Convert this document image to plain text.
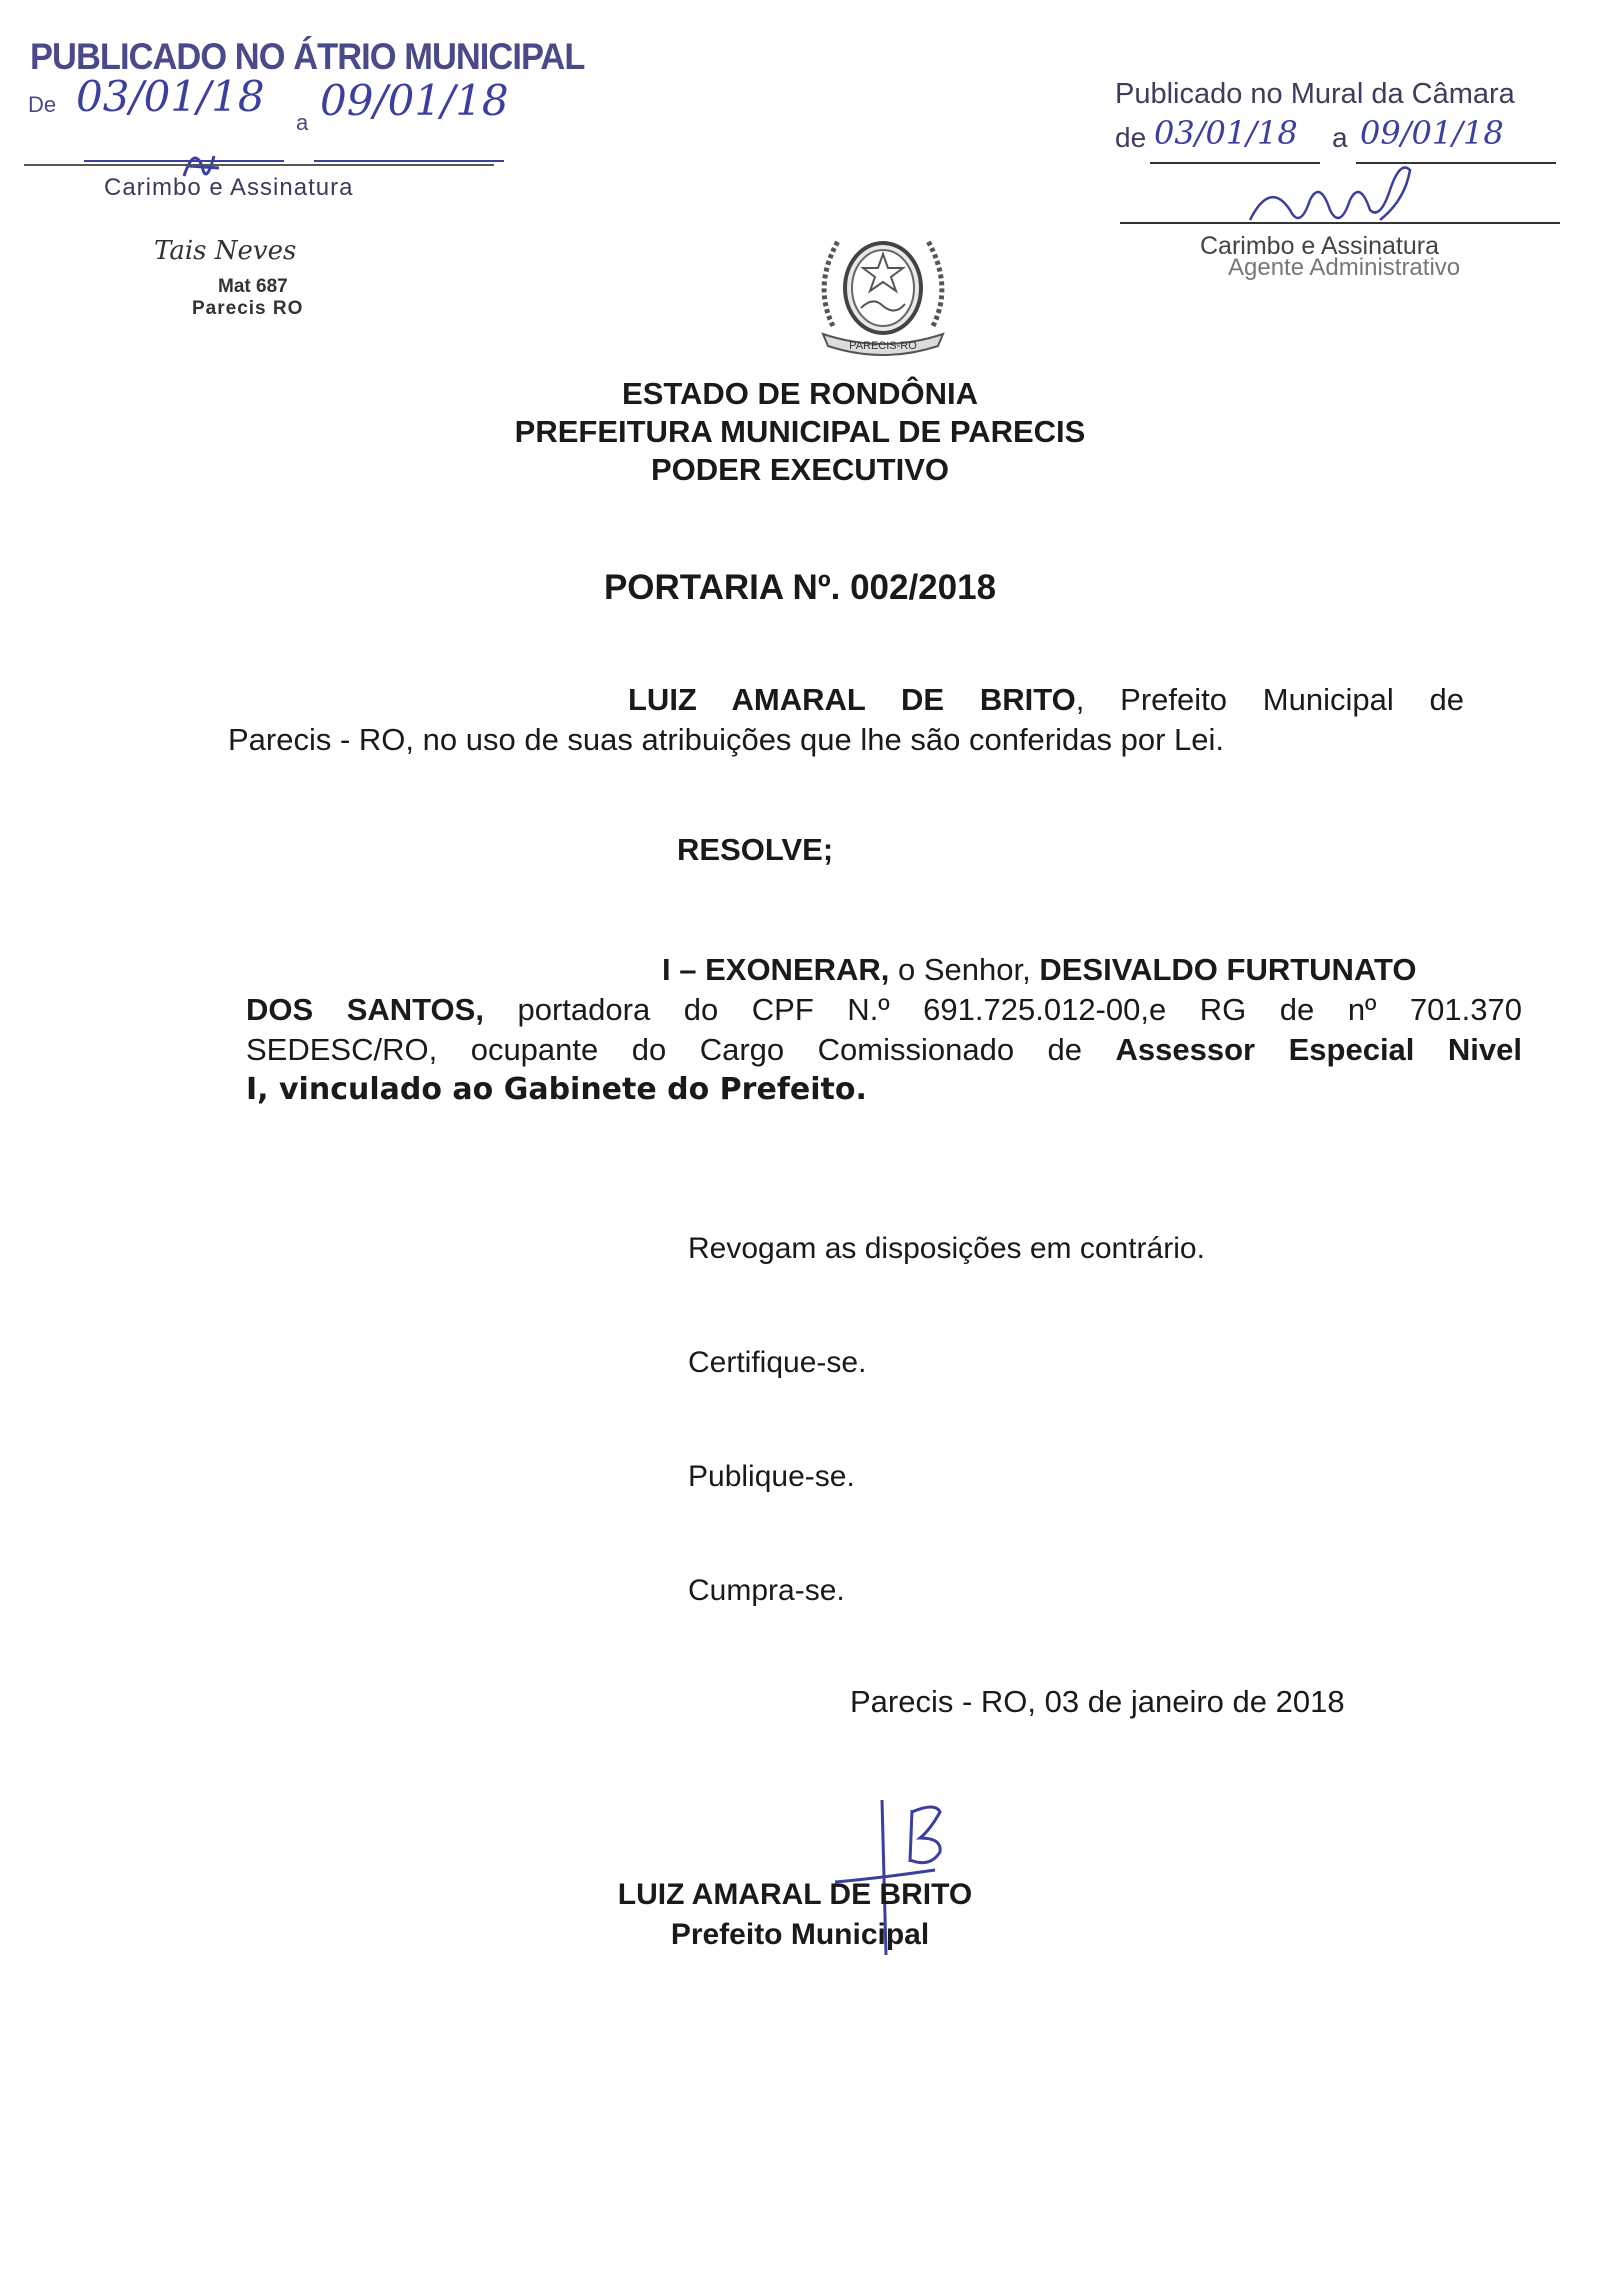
PUBLICADO NO ÁTRIO MUNICIPAL
De 03/01/18
a 09/01/18
Carimbo e Assinatura
Tais Neves
Mat 687
Parecis RO
Publicado no Mural da Câmara
de 03/01/18 a 09/01/18
Carimbo e Assinatura
Agente Administrativo
PARECIS-RO
ESTADO DE RONDÔNIA
PREFEITURA MUNICIPAL DE PARECIS
PODER EXECUTIVO
PORTARIA Nº. 002/2018
LUIZ AMARAL DE BRITO, Prefeito Municipal de
Parecis - RO, no uso de suas atribuições que lhe são conferidas por Lei.
RESOLVE;
I – EXONERAR, o Senhor, DESIVALDO FURTUNATO
DOS SANTOS, portadora do CPF N.º 691.725.012-00,e RG de nº 701.370
SEDESC/RO, ocupante do Cargo Comissionado de Assessor Especial Nivel
I, vinculado ao Gabinete do Prefeito.
Revogam as disposições em contrário.
Certifique-se.
Publique-se.
Cumpra-se.
Parecis - RO, 03 de janeiro de 2018
LUIZ AMARAL DE BRITO
Prefeito Municipal
